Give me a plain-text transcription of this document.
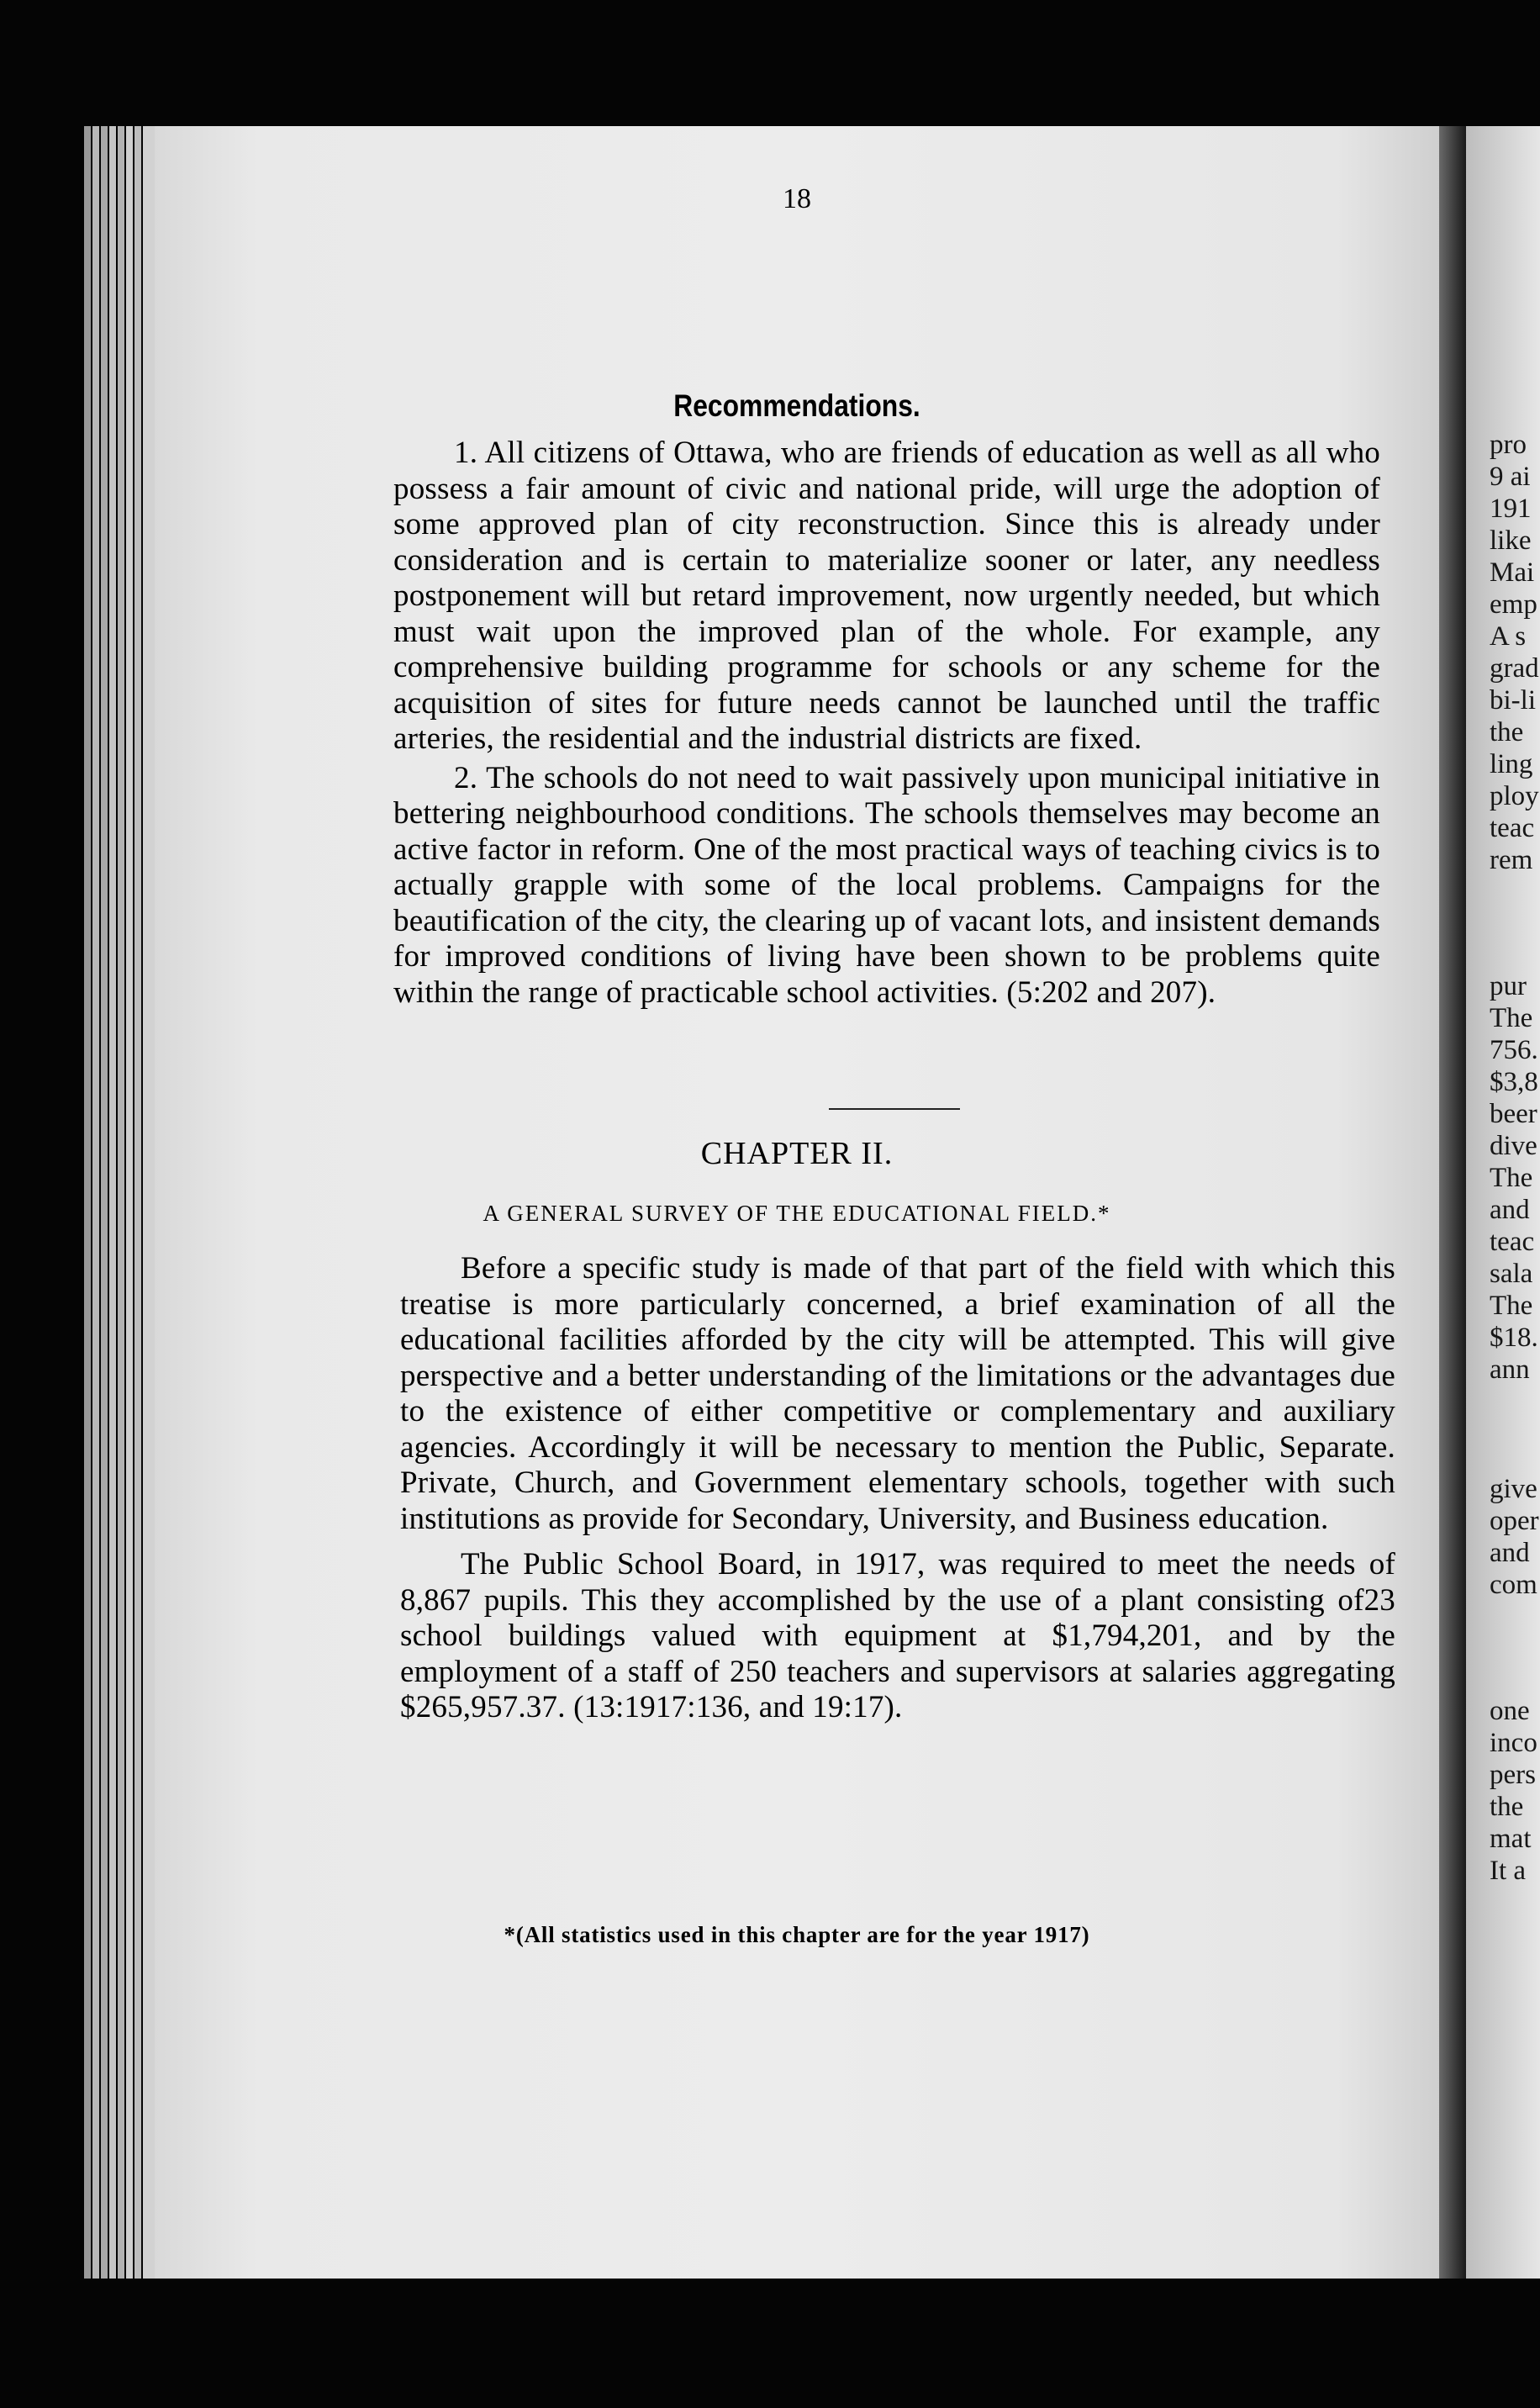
18
Recommendations.

1. All citizens of Ottawa, who are friends of education as well as all who possess a fair amount of civic and national pride, will urge the adoption of some approved plan of city reconstruction. Since this is already under consideration and is certain to materialize sooner or later, any needless postponement will but retard improvement, now urgently needed, but which must wait upon the improved plan of the whole. For example, any comprehensive building programme for schools or any scheme for the acquisition of sites for future needs cannot be launched until the traffic arteries, the residential and the industrial districts are fixed.

2. The schools do not need to wait passively upon municipal initiative in bettering neighbourhood conditions. The schools themselves may become an active factor in reform. One of the most practical ways of teaching civics is to actually grapple with some of the local problems. Campaigns for the beautification of the city, the clearing up of vacant lots, and insistent demands for improved conditions of living have been shown to be problems quite within the range of practicable school activities. (5:202 and 207).

CHAPTER II.
A GENERAL SURVEY OF THE EDUCATIONAL FIELD.*

Before a specific study is made of that part of the field with which this treatise is more particularly concerned, a brief examination of all the educational facilities afforded by the city will be attempted. This will give perspective and a better understanding of the limitations or the advantages due to the existence of either competitive or complementary and auxiliary agencies. Accordingly it will be necessary to mention the Public, Separate. Private, Church, and Government elementary schools, together with such institutions as provide for Secondary, University, and Business education.

The Public School Board, in 1917, was required to meet the needs of 8,867 pupils. This they accomplished by the use of a plant consisting of23 school buildings valued with equipment at $1,794,201, and by the employment of a staff of 250 teachers and supervisors at salaries aggregating $265,957.37. (13:1917:136, and 19:17).

*(All statistics used in this chapter are for the year 1917)
pro
9 ai
191
like
Mai
emp
A s
grad
bi-li
the
ling
ploy
teac
rem
pur
The
756.
$3,8
beer
dive
The
and
teac
sala
The
$18.
ann
give
oper
and
com
one
inco
pers
the
mat
It a
